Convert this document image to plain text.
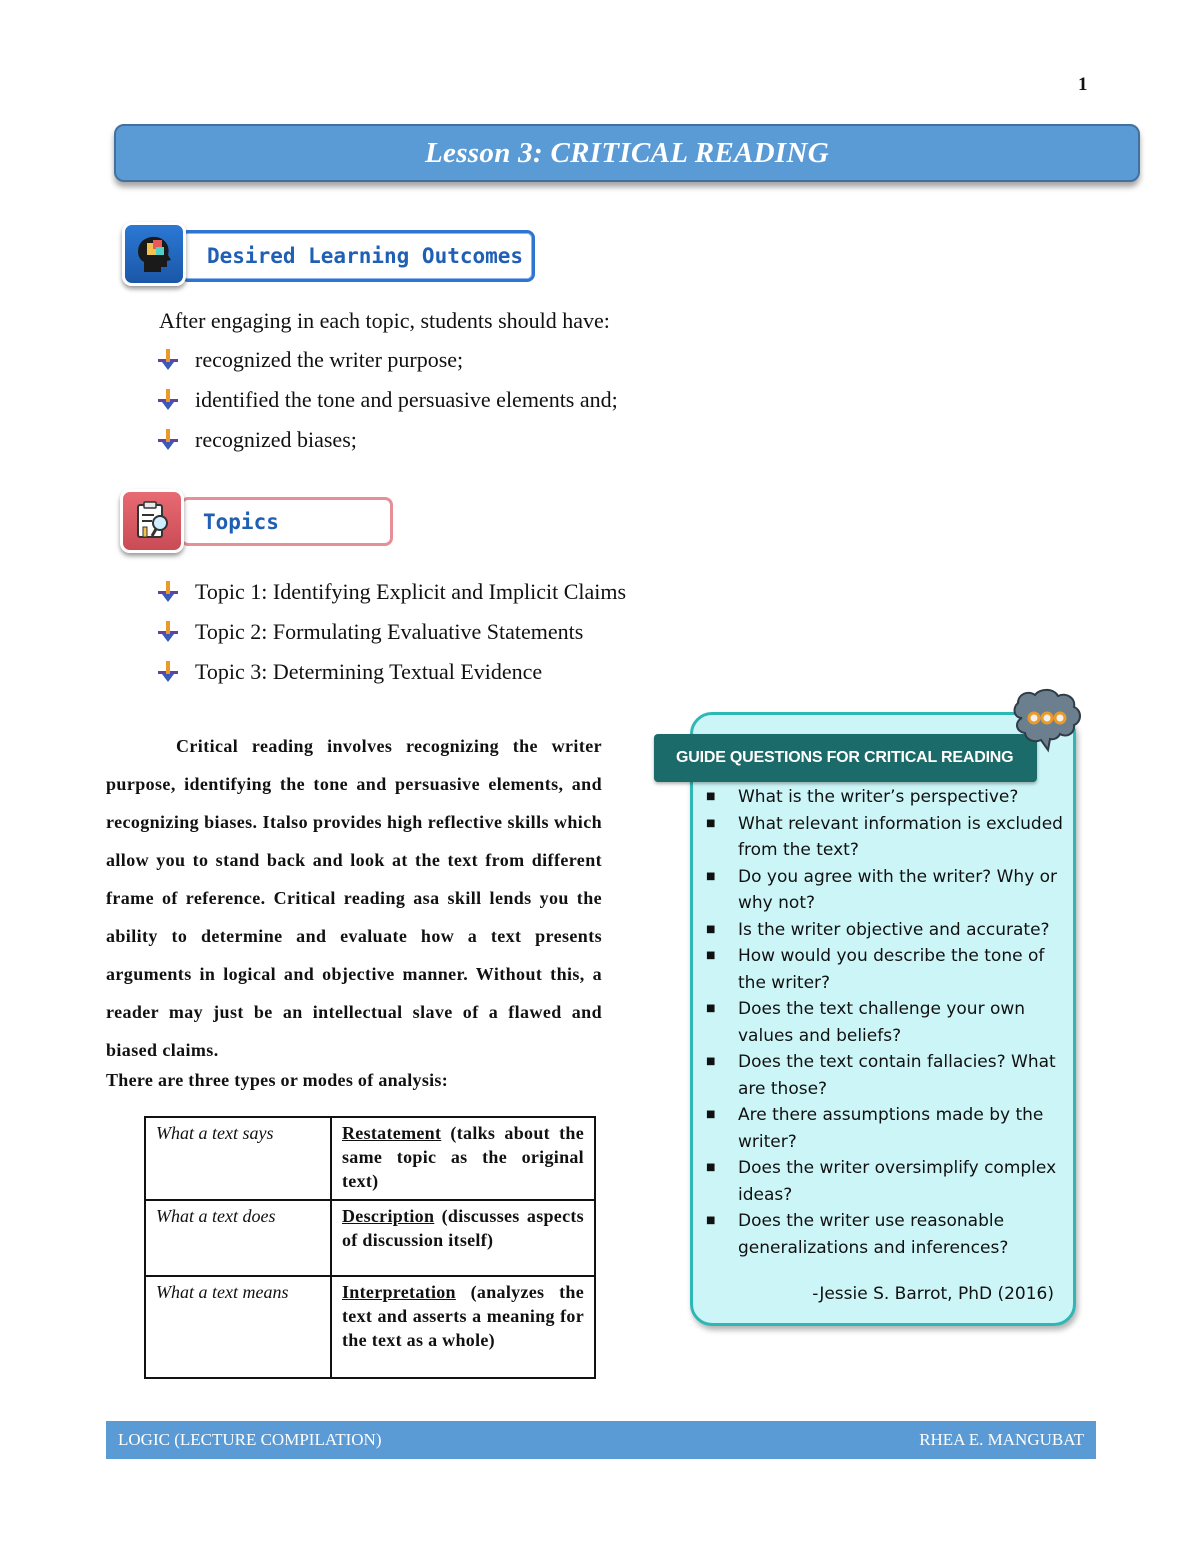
1
Lesson 3: CRITICAL READING
Desired Learning Outcomes
After engaging in each topic, students should have:
recognized the writer purpose;
identified the tone and persuasive elements and;
recognized biases;
Topics
Topic 1: Identifying Explicit and Implicit Claims
Topic 2: Formulating Evaluative Statements
Topic 3: Determining Textual Evidence
Critical reading involves recognizing the writer purpose, identifying the tone and persuasive elements, and recognizing biases. Italso provides high reflective skills which allow you to stand back and look at the text from different frame of reference. Critical reading asa skill lends you the ability to determine and evaluate how a text presents arguments in logical and objective manner. Without this, a reader may just be an intellectual slave of a flawed and biased claims.
There are three types or modes of analysis:
What a text says	Restatement (talks about the same topic as the original text)
What a text does	Description (discusses aspects of discussion itself)
What a text means	Interpretation (analyzes the text and asserts a meaning for the text as a whole)
GUIDE QUESTIONS FOR CRITICAL READING
■
What is the writer’s perspective?
■
What relevant information is excluded from the text?
■
Do you agree with the writer? Why or why not?
■
Is the writer objective and accurate?
■
How would you describe the tone of the writer?
■
Does the text challenge your own values and beliefs?
■
Does the text contain fallacies? What are those?
■
Are there assumptions made by the writer?
■
Does the writer oversimplify complex ideas?
■
Does the writer use reasonable generalizations and inferences?
-Jessie S. Barrot, PhD (2016)
LOGIC (LECTURE COMPILATION)	RHEA E. MANGUBAT
